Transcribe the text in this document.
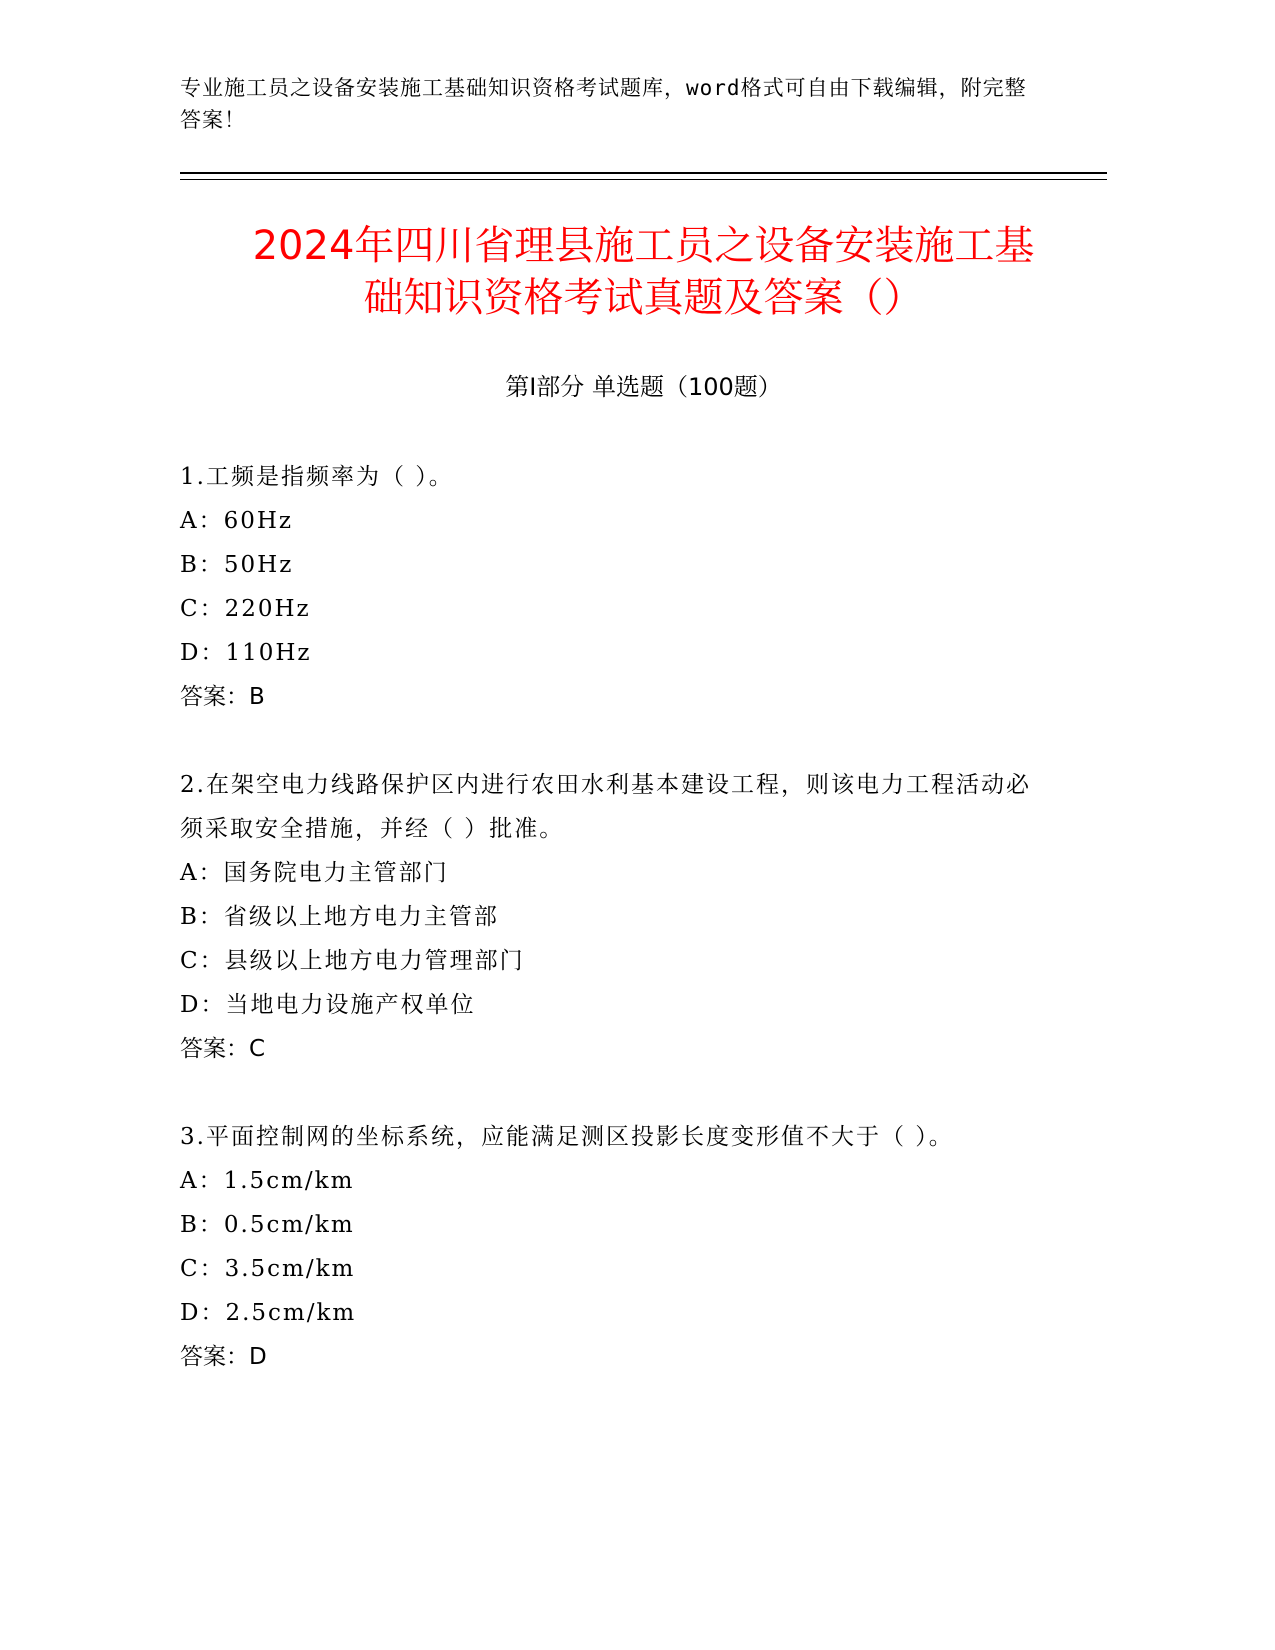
专业施工员之设备安装施工基础知识资格考试题库，word格式可自由下载编辑，附完整答案！
2024年四川省理县施工员之设备安装施工基
础知识资格考试真题及答案（）
第Ⅰ部分 单选题（100题）

1.工频是指频率为（ ）。

A：60Hz

B：50Hz

C：220Hz

D：110Hz

答案：B

2.在架空电力线路保护区内进行农田水利基本建设工程，则该电力工程活动必须采取安全措施，并经（ ）批准。

A：国务院电力主管部门

B：省级以上地方电力主管部

C：县级以上地方电力管理部门

D：当地电力设施产权单位

答案：C

3.平面控制网的坐标系统，应能满足测区投影长度变形值不大于（ ）。

A：1.5cm/km

B：0.5cm/km

C：3.5cm/km

D：2.5cm/km

答案：D
